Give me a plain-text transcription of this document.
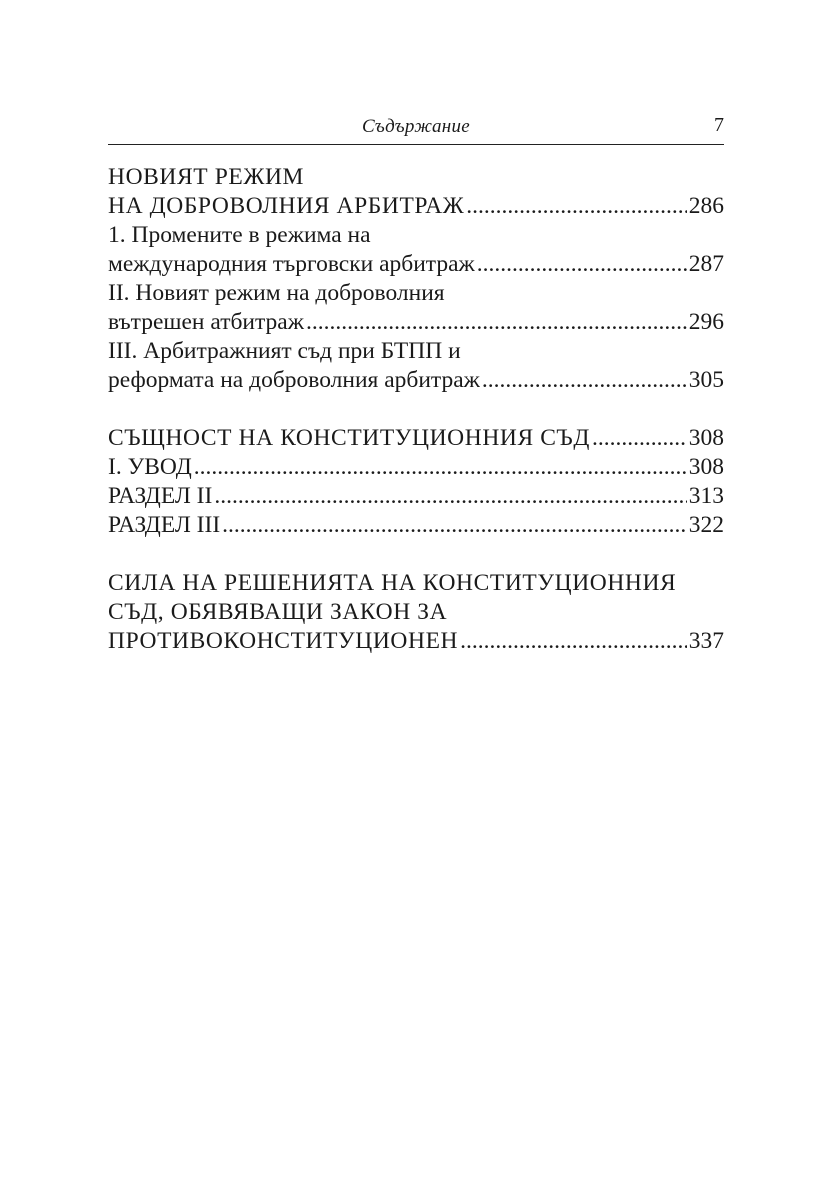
Съдържание	7
НОВИЯТ РЕЖИМ
НА ДОБРОВОЛНИЯ АРБИТРАЖ .....	286
1. Промените в режима на
международния търговски арбитраж .....	287
II. Новият режим на доброволния
вътрешен атбитраж .....	296
III. Арбитражният съд при БТПП и
реформата на доброволния арбитраж .....	305
СЪЩНОСТ НА КОНСТИТУЦИОННИЯ СЪД .....	308
I. УВОД .....	308
РАЗДЕЛ II .....	313
РАЗДЕЛ III .....	322
СИЛА НА РЕШЕНИЯТА НА КОНСТИТУЦИОННИЯ
СЪД, ОБЯВЯВАЩИ ЗАКОН ЗА
ПРОТИВОКОНСТИТУЦИОНЕН .....	337
